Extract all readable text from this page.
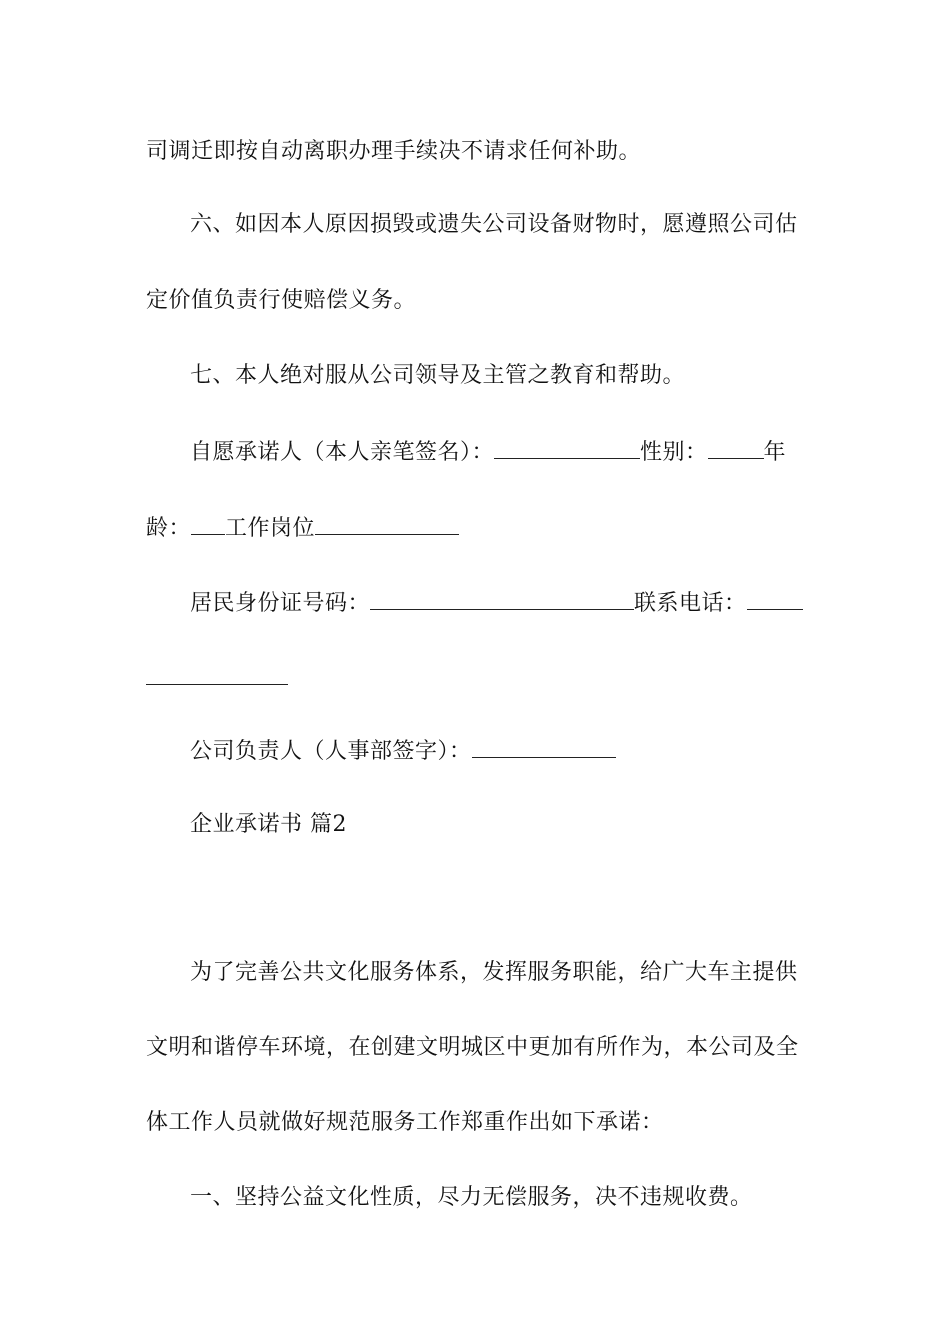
司调迁即按自动离职办理手续决不请求任何补助。
六、如因本人原因损毁或遗失公司设备财物时，愿遵照公司估
定价值负责行使赔偿义务。
七、本人绝对服从公司领导及主管之教育和帮助。
自愿承诺人（本人亲笔签名）：	性别：	年
龄： 工作岗位
居民身份证号码：	联系电话：
公司负责人（人事部签字）：
企业承诺书 篇2
为了完善公共文化服务体系，发挥服务职能，给广大车主提供
文明和谐停车环境，在创建文明城区中更加有所作为，本公司及全
体工作人员就做好规范服务工作郑重作出如下承诺：
一、坚持公益文化性质，尽力无偿服务，决不违规收费。
